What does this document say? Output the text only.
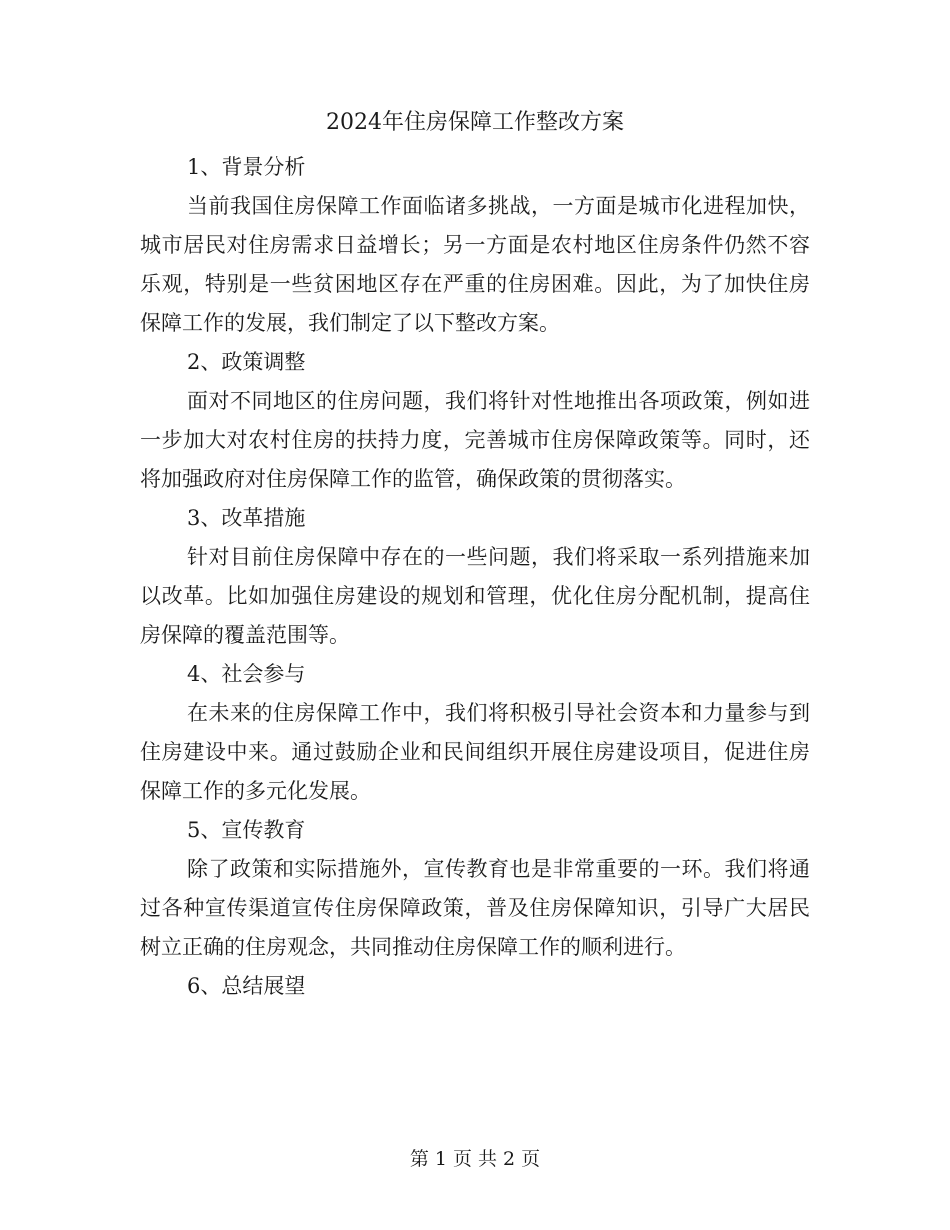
2024年住房保障工作整改方案

1、背景分析

当前我国住房保障工作面临诸多挑战，一方面是城市化进程加快，城市居民对住房需求日益增长；另一方面是农村地区住房条件仍然不容乐观，特别是一些贫困地区存在严重的住房困难。因此，为了加快住房保障工作的发展，我们制定了以下整改方案。

2、政策调整

面对不同地区的住房问题，我们将针对性地推出各项政策，例如进一步加大对农村住房的扶持力度，完善城市住房保障政策等。同时，还将加强政府对住房保障工作的监管，确保政策的贯彻落实。

3、改革措施

针对目前住房保障中存在的一些问题，我们将采取一系列措施来加以改革。比如加强住房建设的规划和管理，优化住房分配机制，提高住房保障的覆盖范围等。

4、社会参与

在未来的住房保障工作中，我们将积极引导社会资本和力量参与到住房建设中来。通过鼓励企业和民间组织开展住房建设项目，促进住房保障工作的多元化发展。

5、宣传教育

除了政策和实际措施外，宣传教育也是非常重要的一环。我们将通过各种宣传渠道宣传住房保障政策，普及住房保障知识，引导广大居民树立正确的住房观念，共同推动住房保障工作的顺利进行。

6、总结展望

第 1 页 共 2 页
